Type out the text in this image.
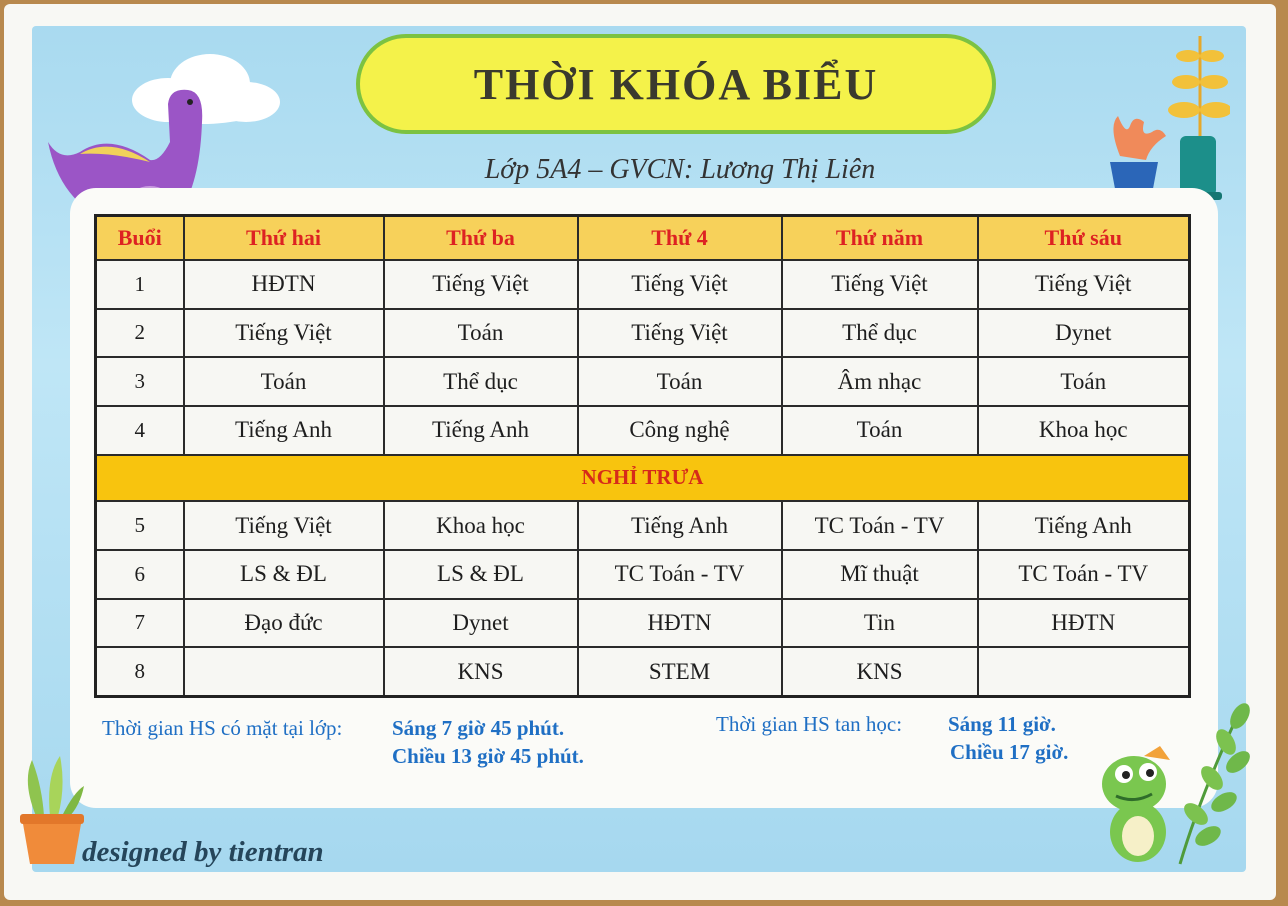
THỜI KHÓA BIỂU
Lớp 5A4 – GVCN: Lương Thị Liên
Buổi	Thứ hai	Thứ ba	Thứ 4	Thứ năm	Thứ sáu
1	HĐTN	Tiếng Việt	Tiếng Việt	Tiếng Việt	Tiếng Việt
2	Tiếng Việt	Toán	Tiếng Việt	Thể dục	Dynet
3	Toán	Thể dục	Toán	Âm nhạc	Toán
4	Tiếng Anh	Tiếng Anh	Công nghệ	Toán	Khoa học
NGHỈ TRƯA					
5	Tiếng Việt	Khoa học	Tiếng Anh	TC Toán - TV	Tiếng Anh
6	LS & ĐL	LS & ĐL	TC Toán - TV	Mĩ thuật	TC Toán - TV
7	Đạo đức	Dynet	HĐTN	Tin	HĐTN
8		KNS	STEM	KNS	
Thời gian HS có mặt tại lớp: Sáng 7 giờ 45 phút.
Chiều 13 giờ 45 phút.
Thời gian HS tan học: Sáng 11 giờ.
Chiều 17 giờ.
designed by tientran
